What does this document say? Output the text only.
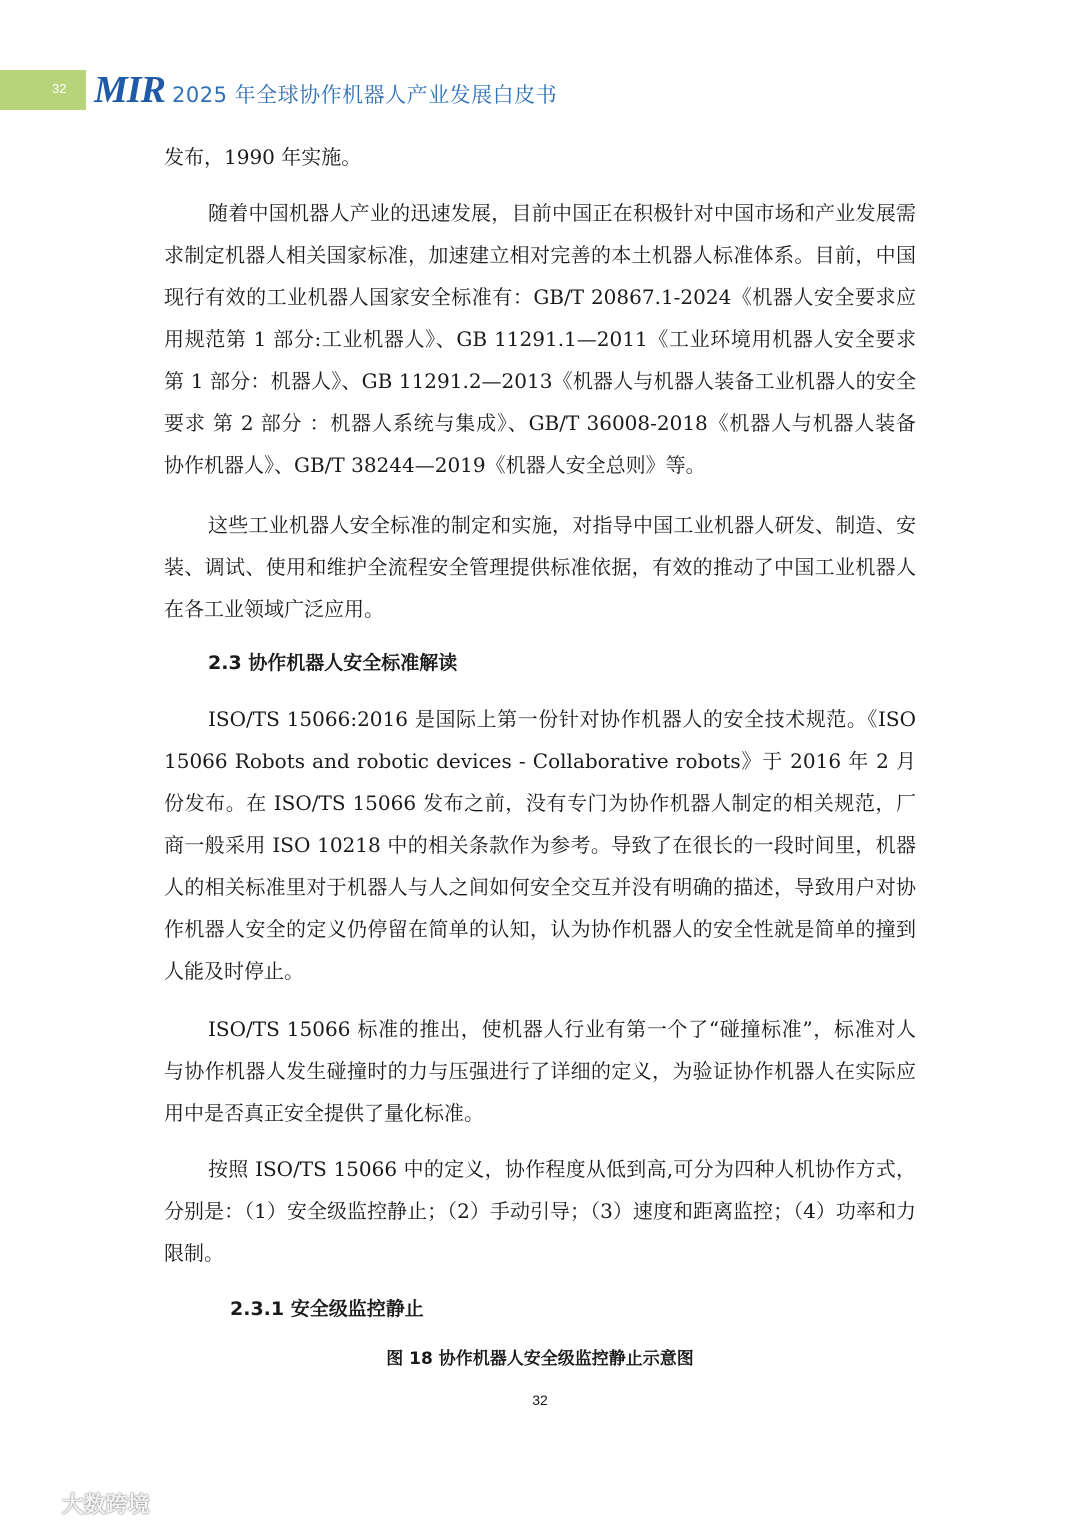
32 MIR 2025 年全球协作机器人产业发展白皮书

发布，1990 年实施。

随着中国机器人产业的迅速发展，目前中国正在积极针对中国市场和产业发展需求制定机器人相关国家标准，加速建立相对完善的本土机器人标准体系。目前，中国现行有效的工业机器人国家安全标准有：GB/T 20867.1-2024《机器人安全要求应用规范第 1 部分:工业机器人》、GB 11291.1—2011《工业环境用机器人安全要求 第 1 部分：机器人》、GB 11291.2—2013《机器人与机器人装备工业机器人的安全要求 第 2 部分 ：机器人系统与集成》、GB/T 36008-2018《机器人与机器人装备 协作机器人》、GB/T 38244—2019《机器人安全总则》等。

这些工业机器人安全标准的制定和实施，对指导中国工业机器人研发、制造、安装、调试、使用和维护全流程安全管理提供标准依据，有效的推动了中国工业机器人在各工业领域广泛应用。

2.3 协作机器人安全标准解读

ISO/TS 15066:2016 是国际上第一份针对协作机器人的安全技术规范。《ISO 15066 Robots and robotic devices - Collaborative robots》于 2016 年 2 月份发布。在 ISO/TS 15066 发布之前，没有专门为协作机器人制定的相关规范，厂商一般采用 ISO 10218 中的相关条款作为参考。导致了在很长的一段时间里，机器人的相关标准里对于机器人与人之间如何安全交互并没有明确的描述，导致用户对协作机器人安全的定义仍停留在简单的认知，认为协作机器人的安全性就是简单的撞到人能及时停止。

ISO/TS 15066 标准的推出，使机器人行业有第一个了“碰撞标准”，标准对人与协作机器人发生碰撞时的力与压强进行了详细的定义，为验证协作机器人在实际应用中是否真正安全提供了量化标准。

按照 ISO/TS 15066 中的定义，协作程度从低到高,可分为四种人机协作方式，分别是：（1）安全级监控静止；（2）手动引导；（3）速度和距离监控；（4）功率和力限制。

2.3.1 安全级监控静止
图 18 协作机器人安全级监控静止示意图
32
大数跨境
